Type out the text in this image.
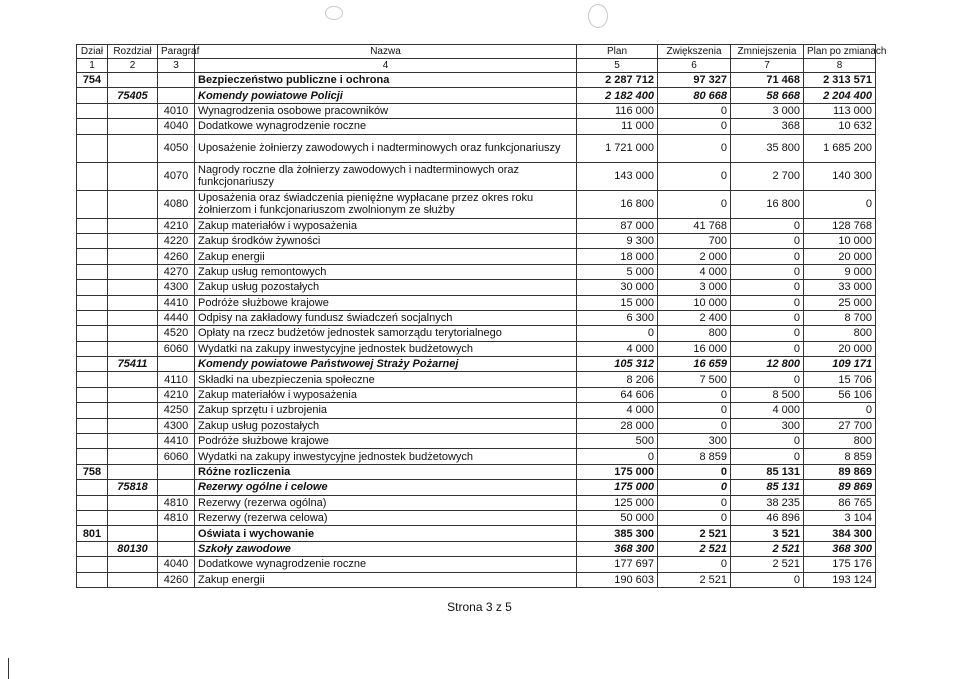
Dział	Rozdział	Paragraf	Nazwa	Plan	Zwiększenia	Zmniejszenia	Plan po zmianach
1	2	3	4	5	6	7	8
754			Bezpieczeństwo publiczne i ochrona	2 287 712	97 327	71 468	2 313 571
	75405		Komendy powiatowe Policji	2 182 400	80 668	58 668	2 204 400
		4010	Wynagrodzenia osobowe pracowników	116 000	0	3 000	113 000
		4040	Dodatkowe wynagrodzenie roczne	11 000	0	368	10 632
		4050	Uposażenie żołnierzy zawodowych i nadterminowych oraz funkcjonariuszy	1 721 000	0	35 800	1 685 200
		4070	Nagrody roczne dla żołnierzy zawodowych i nadterminowych oraz funkcjonariuszy	143 000	0	2 700	140 300
		4080	Uposażenia oraz świadczenia pieniężne wypłacane przez okres roku żołnierzom i funkcjonariuszom zwolnionym ze służby	16 800	0	16 800	0
		4210	Zakup materiałów i wyposażenia	87 000	41 768	0	128 768
		4220	Zakup środków żywności	9 300	700	0	10 000
		4260	Zakup energii	18 000	2 000	0	20 000
		4270	Zakup usług remontowych	5 000	4 000	0	9 000
		4300	Zakup usług pozostałych	30 000	3 000	0	33 000
		4410	Podróże służbowe krajowe	15 000	10 000	0	25 000
		4440	Odpisy na zakładowy fundusz świadczeń socjalnych	6 300	2 400	0	8 700
		4520	Opłaty na rzecz budżetów jednostek samorządu terytorialnego	0	800	0	800
		6060	Wydatki na zakupy inwestycyjne jednostek budżetowych	4 000	16 000	0	20 000
	75411		Komendy powiatowe Państwowej Straży Pożarnej	105 312	16 659	12 800	109 171
		4110	Składki na ubezpieczenia społeczne	8 206	7 500	0	15 706
		4210	Zakup materiałów i wyposażenia	64 606	0	8 500	56 106
		4250	Zakup sprzętu i uzbrojenia	4 000	0	4 000	0
		4300	Zakup usług pozostałych	28 000	0	300	27 700
		4410	Podróże służbowe krajowe	500	300	0	800
		6060	Wydatki na zakupy inwestycyjne jednostek budżetowych	0	8 859	0	8 859
758			Różne rozliczenia	175 000	0	85 131	89 869
	75818		Rezerwy ogólne i celowe	175 000	0	85 131	89 869
		4810	Rezerwy (rezerwa ogólna)	125 000	0	38 235	86 765
		4810	Rezerwy (rezerwa celowa)	50 000	0	46 896	3 104
801			Oświata i wychowanie	385 300	2 521	3 521	384 300
	80130		Szkoły zawodowe	368 300	2 521	2 521	368 300
		4040	Dodatkowe wynagrodzenie roczne	177 697	0	2 521	175 176
		4260	Zakup energii	190 603	2 521	0	193 124
Strona 3 z 5
